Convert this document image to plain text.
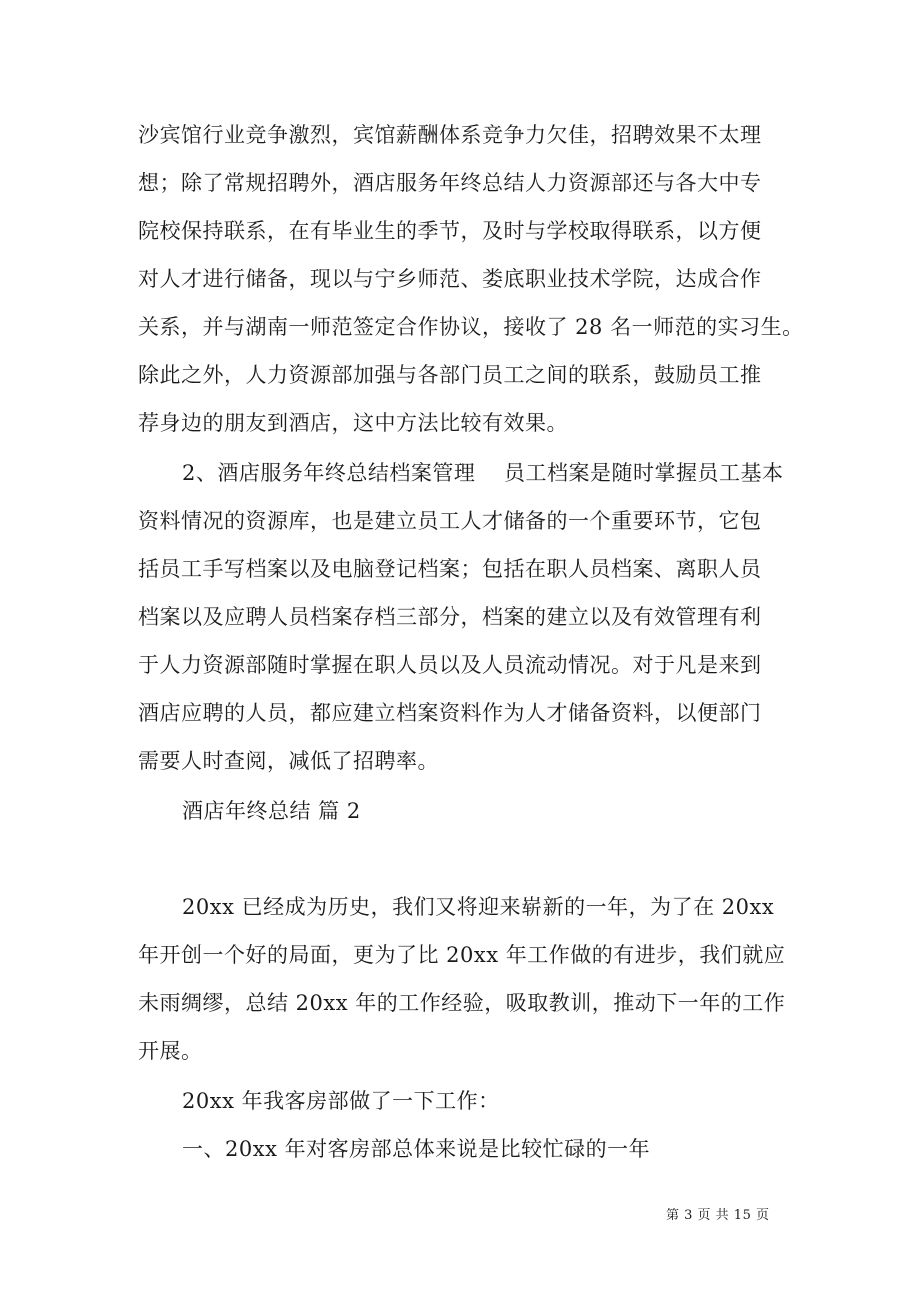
沙宾馆行业竞争激烈，宾馆薪酬体系竞争力欠佳，招聘效果不太理
想；除了常规招聘外，酒店服务年终总结人力资源部还与各大中专
院校保持联系，在有毕业生的季节，及时与学校取得联系，以方便
对人才进行储备，现以与宁乡师范、娄底职业技术学院，达成合作
关系，并与湖南一师范签定合作协议，接收了 28 名一师范的实习生。
除此之外，人力资源部加强与各部门员工之间的联系，鼓励员工推
荐身边的朋友到酒店，这中方法比较有效果。
2、酒店服务年终总结档案管理　 员工档案是随时掌握员工基本
资料情况的资源库，也是建立员工人才储备的一个重要环节，它包
括员工手写档案以及电脑登记档案；包括在职人员档案、离职人员
档案以及应聘人员档案存档三部分，档案的建立以及有效管理有利
于人力资源部随时掌握在职人员以及人员流动情况。对于凡是来到
酒店应聘的人员，都应建立档案资料作为人才储备资料，以便部门
需要人时查阅，减低了招聘率。
酒店年终总结 篇 2
20xx 已经成为历史，我们又将迎来崭新的一年，为了在 20xx
年开创一个好的局面，更为了比 20xx 年工作做的有进步，我们就应
未雨绸缪，总结 20xx 年的工作经验，吸取教训，推动下一年的工作
开展。
20xx 年我客房部做了一下工作：
一、20xx 年对客房部总体来说是比较忙碌的一年
第 3 页 共 15 页
